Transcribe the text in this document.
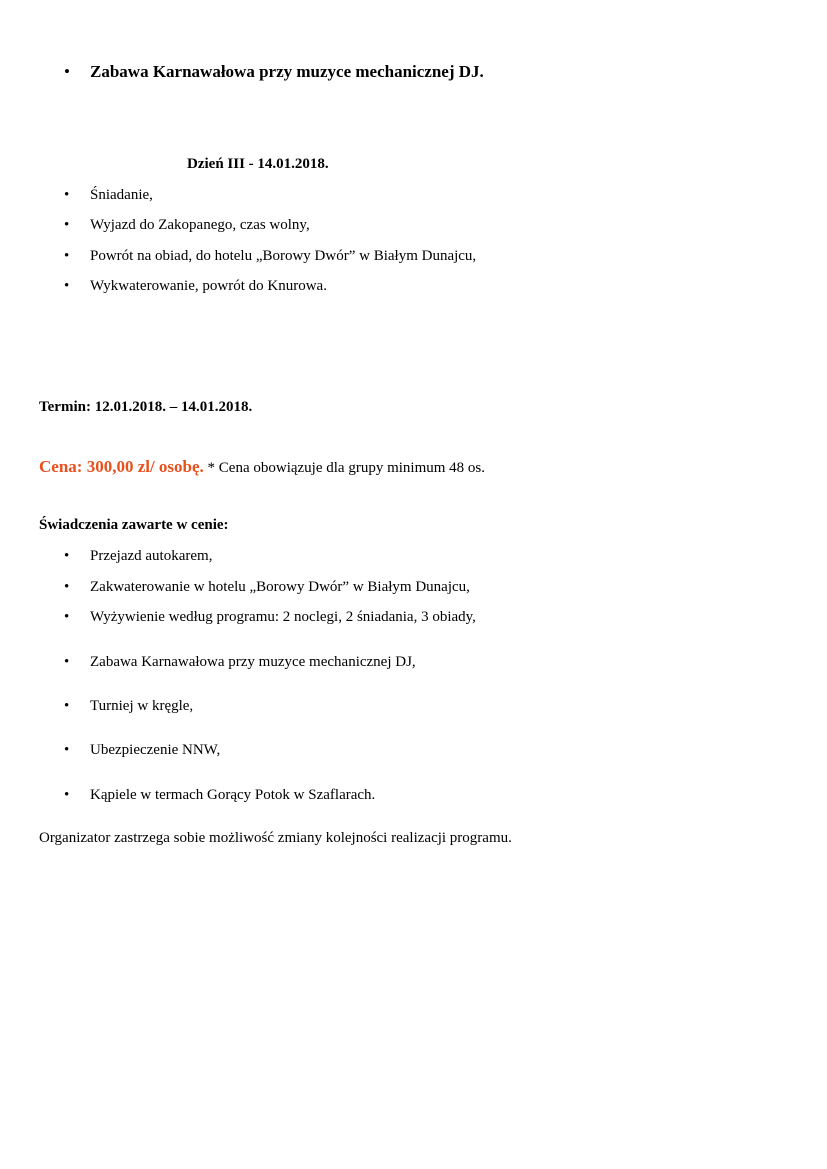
• Zabawa Karnawałowa przy muzyce mechanicznej DJ.
Dzień III - 14.01.2018.
• Śniadanie,
• Wyjazd do Zakopanego, czas wolny,
• Powrót na obiad, do hotelu „Borowy Dwór” w Białym Dunajcu,
• Wykwaterowanie, powrót do Knurowa.
Termin: 12.01.2018. – 14.01.2018.
Cena: 300,00 zl/ osobę. * Cena obowiązuje dla grupy minimum 48 os.
Świadczenia zawarte w cenie:
• Przejazd autokarem,
• Zakwaterowanie w hotelu „Borowy Dwór” w Białym Dunajcu,
• Wyżywienie według programu: 2 noclegi, 2 śniadania, 3 obiady,
• Zabawa Karnawałowa przy muzyce mechanicznej DJ,
• Turniej w kręgle,
• Ubezpieczenie NNW,
• Kąpiele w termach Gorący Potok w Szaflarach.
Organizator zastrzega sobie możliwość zmiany kolejności realizacji programu.
